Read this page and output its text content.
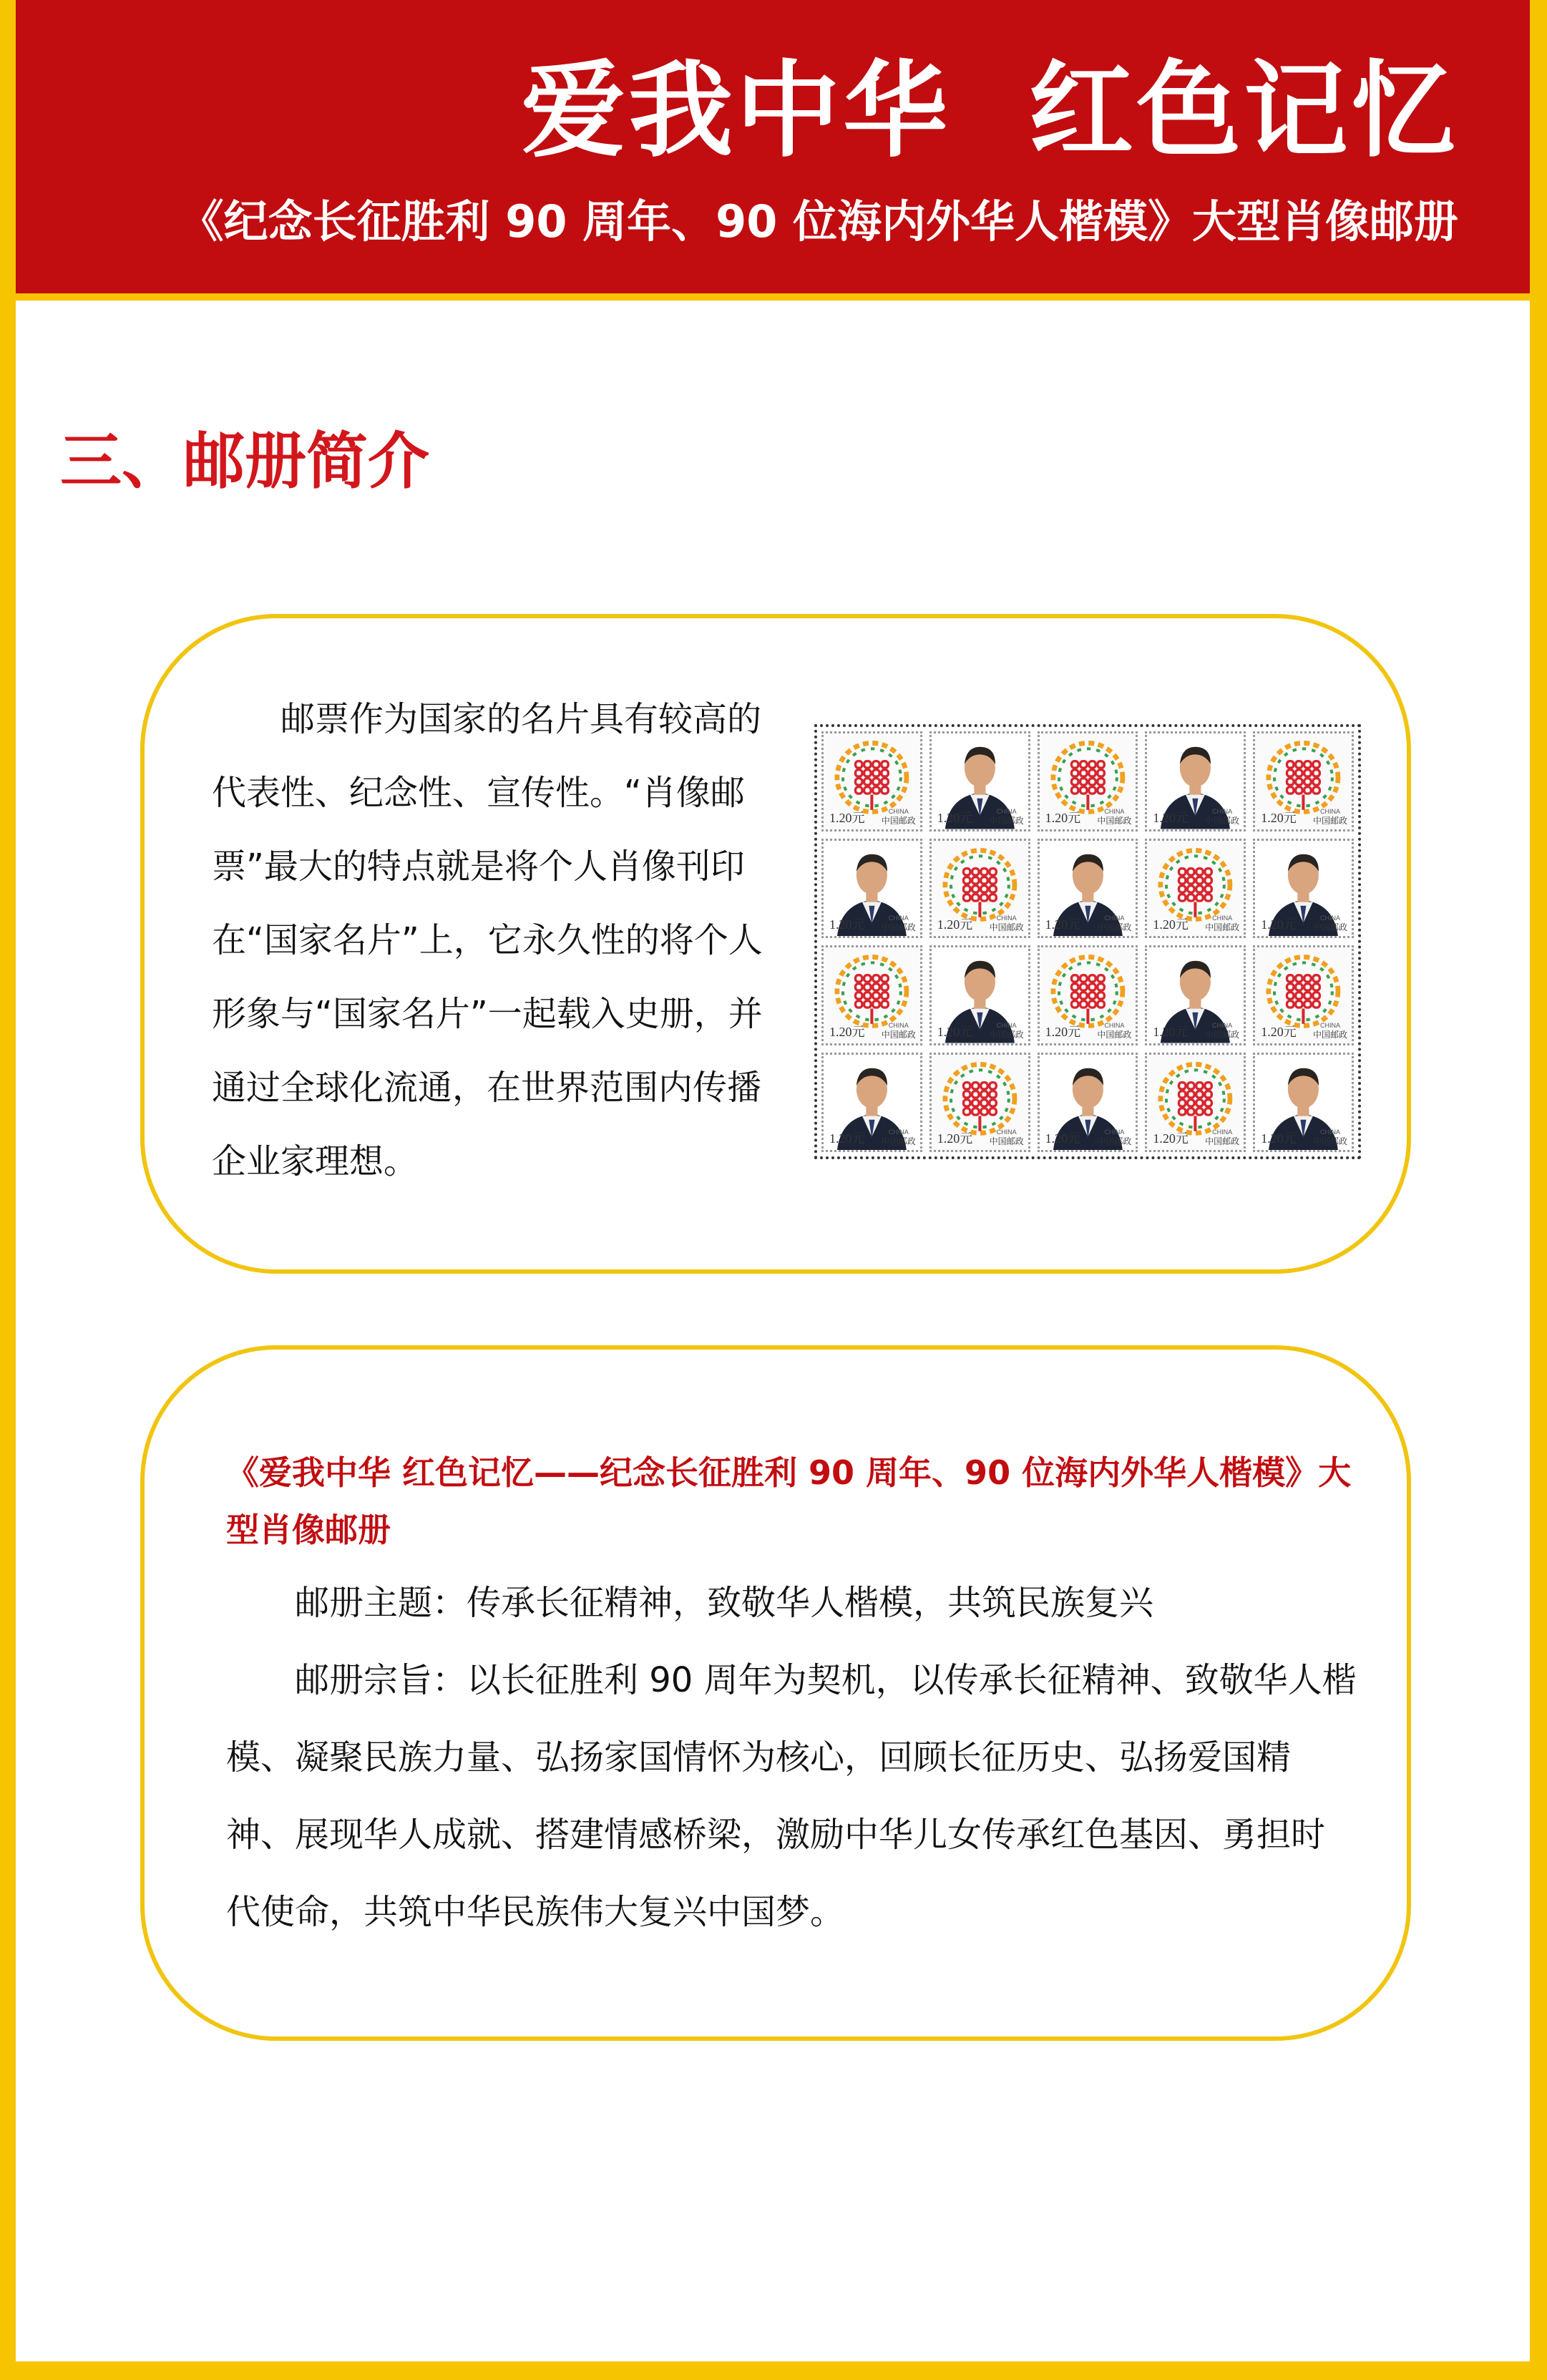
爱我中华  红色记忆
《纪念长征胜利 90 周年、90 位海内外华人楷模》大型肖像邮册
三、邮册简介

邮票作为国家的名片具有较高的代表性、纪念性、宣传性。“肖像邮票”最大的特点就是将个人肖像刊印在“国家名片”上，它永久性的将个人形象与“国家名片”一起载入史册，并通过全球化流通，在世界范围内传播企业家理想。

1.20元	CHINA
中国邮政 1.20元	CHINA
中国邮政 1.20元	CHINA
中国邮政 1.20元	CHINA
中国邮政 1.20元	CHINA
中国邮政
1.20元	CHINA
中国邮政 1.20元	CHINA
中国邮政 1.20元	CHINA
中国邮政 1.20元	CHINA
中国邮政 1.20元	CHINA
中国邮政
1.20元	CHINA
中国邮政 1.20元	CHINA
中国邮政 1.20元	CHINA
中国邮政 1.20元	CHINA
中国邮政 1.20元	CHINA
中国邮政
1.20元	CHINA
中国邮政 1.20元	CHINA
中国邮政 1.20元	CHINA
中国邮政 1.20元	CHINA
中国邮政 1.20元	CHINA
中国邮政

《爱我中华 红色记忆——纪念长征胜利 90 周年、90 位海内外华人楷模》大型肖像邮册

邮册主题：传承长征精神，致敬华人楷模，共筑民族复兴

邮册宗旨：以长征胜利 90 周年为契机，以传承长征精神、致敬华人楷模、凝聚民族力量、弘扬家国情怀为核心，回顾长征历史、弘扬爱国精神、展现华人成就、搭建情感桥梁，激励中华儿女传承红色基因、勇担时代使命，共筑中华民族伟大复兴中国梦。
